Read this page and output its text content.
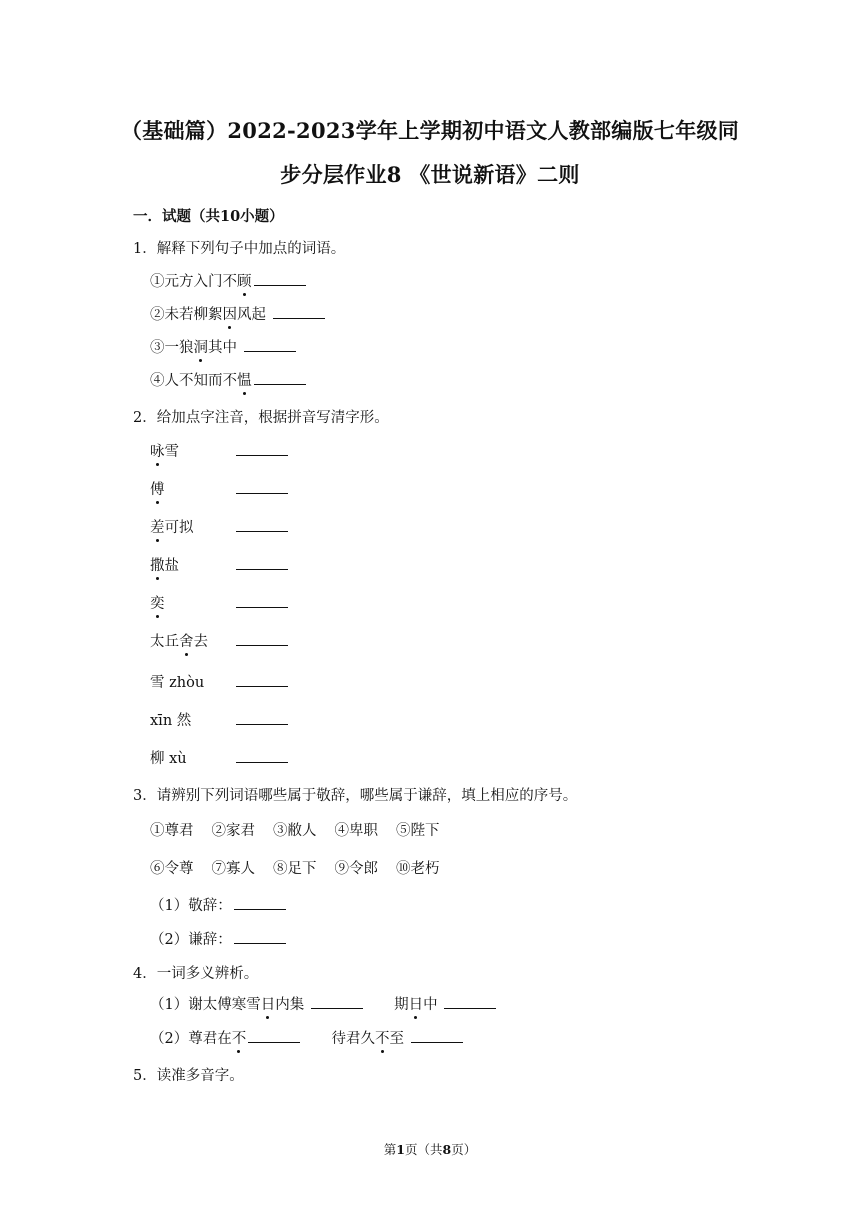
（基础篇）2022-2023学年上学期初中语文人教部编版七年级同
步分层作业8 《世说新语》二则
一．试题（共10小题）
1．解释下列句子中加点的词语。
①元方入门不顾
②未若柳絮因风起
③一狼洞其中
④人不知而不愠
2．给加点字注音，根据拼音写清字形。
咏雪
傅
差可拟
撒盐
奕
太丘舍去
雪 zhòu
xīn 然
柳 xù
3．请辨别下列词语哪些属于敬辞，哪些属于谦辞，填上相应的序号。
①尊君 ②家君 ③敝人 ④卑职 ⑤陛下
⑥令尊 ⑦寡人 ⑧足下 ⑨令郎 ⑩老朽
（1）敬辞：
（2）谦辞：
4．一词多义辨析。
（1）谢太傅寒雪日内集	期日中
（2）尊君在不	待君久不至
5．读准多音字。
第1页（共8页）
